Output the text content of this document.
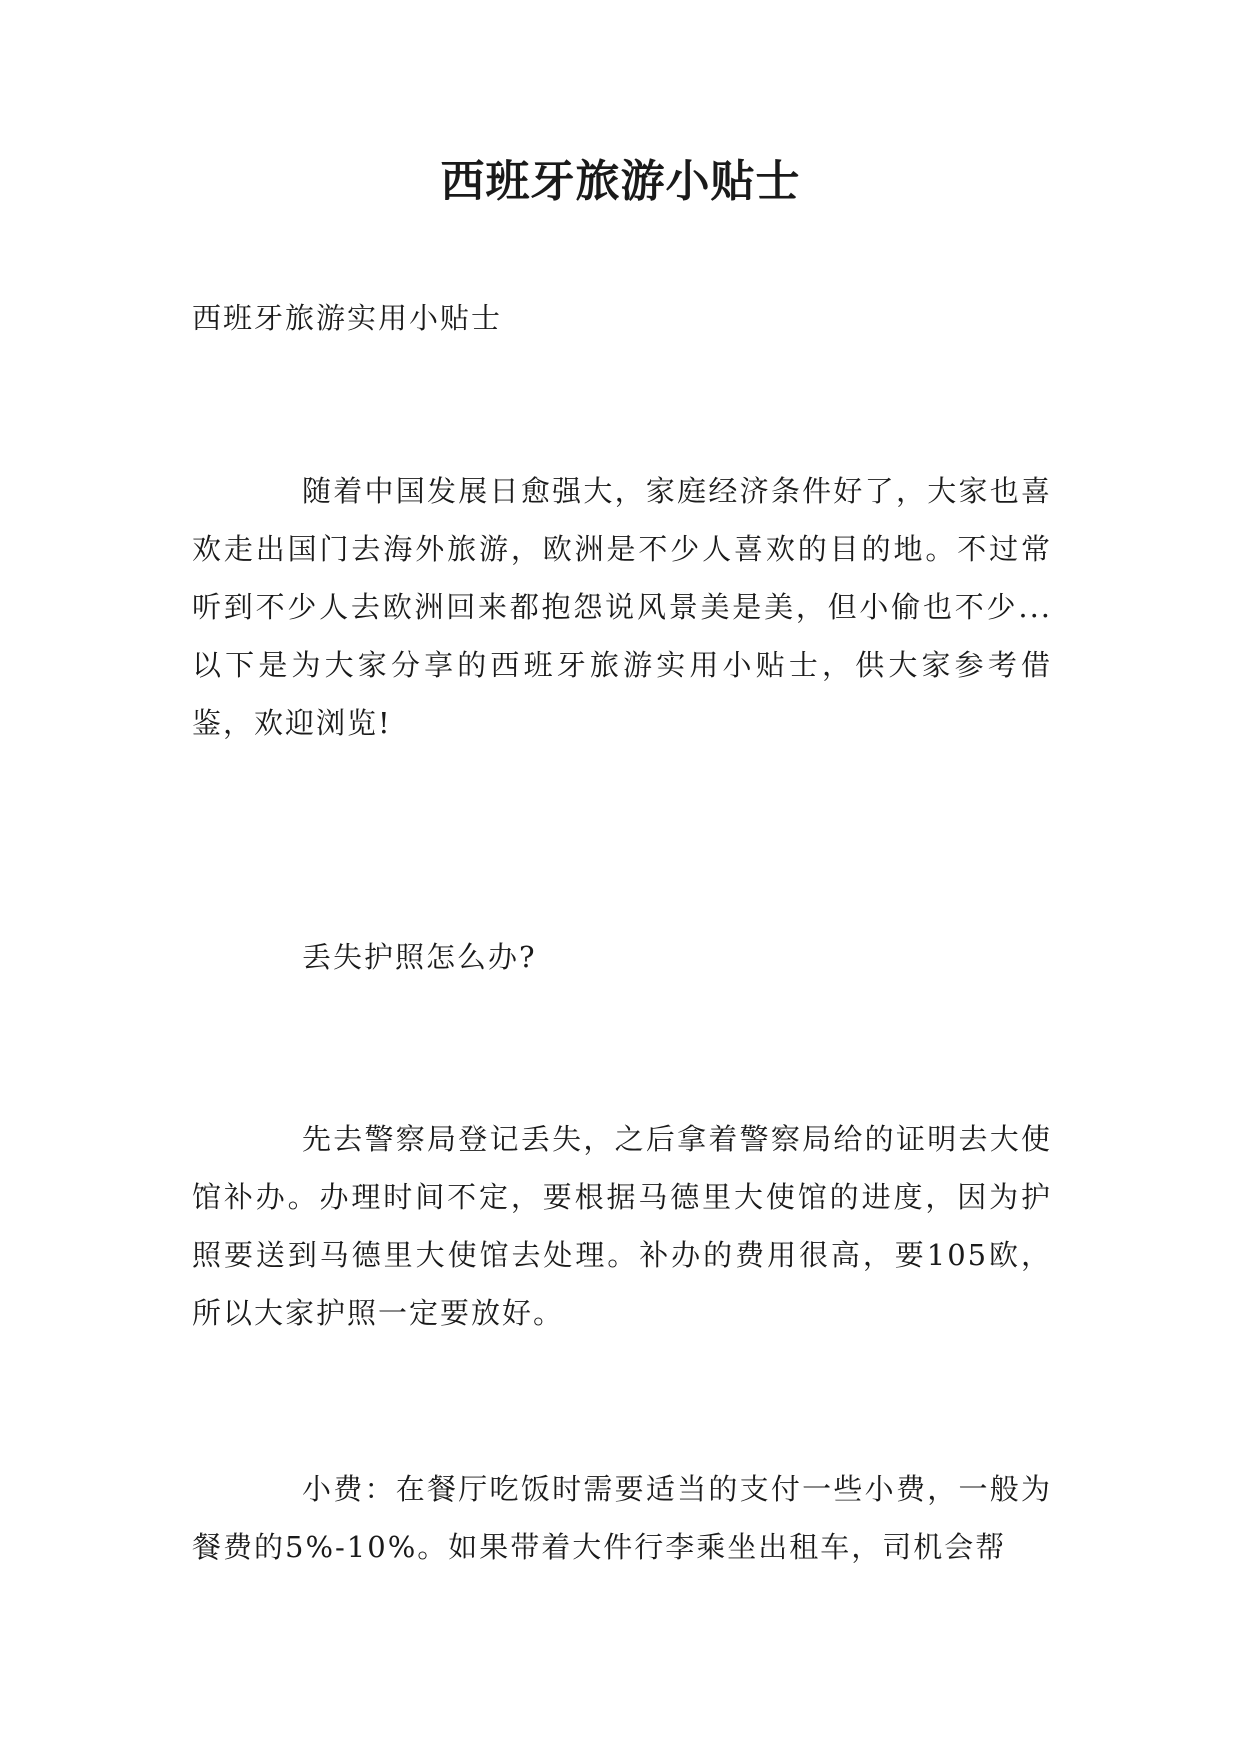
西班牙旅游小贴士

西班牙旅游实用小贴士

随着中国发展日愈强大，家庭经济条件好了，大家也喜欢走出国门去海外旅游，欧洲是不少人喜欢的目的地。不过常听到不少人去欧洲回来都抱怨说风景美是美，但小偷也不少...以下是为大家分享的西班牙旅游实用小贴士，供大家参考借鉴，欢迎浏览!

丢失护照怎么办?

先去警察局登记丢失，之后拿着警察局给的证明去大使馆补办。办理时间不定，要根据马德里大使馆的进度，因为护照要送到马德里大使馆去处理。补办的费用很高，要105欧，所以大家护照一定要放好。

小费：在餐厅吃饭时需要适当的支付一些小费，一般为餐费的5%-10%。如果带着大件行李乘坐出租车，司机会帮
